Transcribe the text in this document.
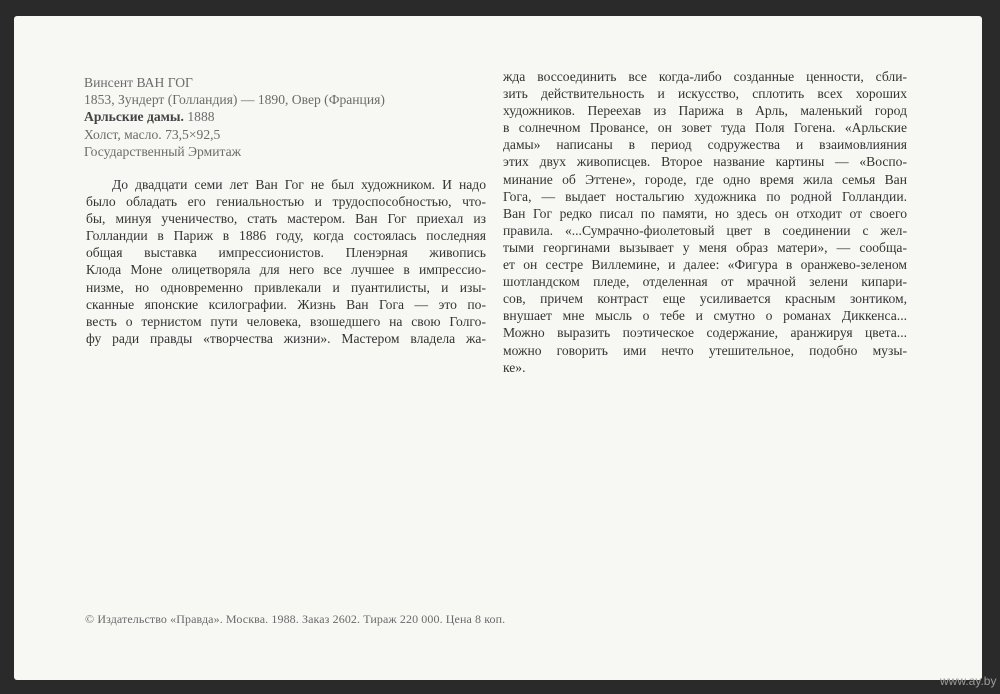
Винсент ВАН ГОГ
1853, Зундерт (Голландия) — 1890, Овер (Франция)
Арльские дамы. 1888
Холст, масло. 73,5×92,5
Государственный Эрмитаж

До двадцати семи лет Ван Гог не был художником. И надо

было обладать его гениальностью и трудоспособностью, что-

бы, минуя ученичество, стать мастером. Ван Гог приехал из

Голландии в Париж в 1886 году, когда состоялась последняя

общая выставка импрессионистов. Пленэрная живопись

Клода Моне олицетворяла для него все лучшее в импрессио-

низме, но одновременно привлекали и пуантилисты, и изы-

сканные японские ксилографии. Жизнь Ван Гога — это по-

весть о тернистом пути человека, взошедшего на свою Голго-

фу ради правды «творчества жизни». Мастером владела жа-

жда воссоединить все когда-либо созданные ценности, сбли-

зить действительность и искусство, сплотить всех хороших

художников. Переехав из Парижа в Арль, маленький город

в солнечном Провансе, он зовет туда Поля Гогена. «Арльские

дамы» написаны в период содружества и взаимовлияния

этих двух живописцев. Второе название картины — «Воспо-

минание об Эттене», городе, где одно время жила семья Ван

Гога, — выдает ностальгию художника по родной Голландии.

Ван Гог редко писал по памяти, но здесь он отходит от своего

правила. «...Сумрачно-фиолетовый цвет в соединении с жел-

тыми георгинами вызывает у меня образ матери», — сообща-

ет он сестре Виллемине, и далее: «Фигура в оранжево-зеленом

шотландском пледе, отделенная от мрачной зелени кипари-

сов, причем контраст еще усиливается красным зонтиком,

внушает мне мысль о тебе и смутно о романах Диккенса...

Можно выразить поэтическое содержание, аранжируя цвета...

можно говорить ими нечто утешительное, подобно музы-

ке».

© Издательство «Правда». Москва. 1988. Заказ 2602. Тираж 220 000. Цена 8 коп.
www.ay.by
